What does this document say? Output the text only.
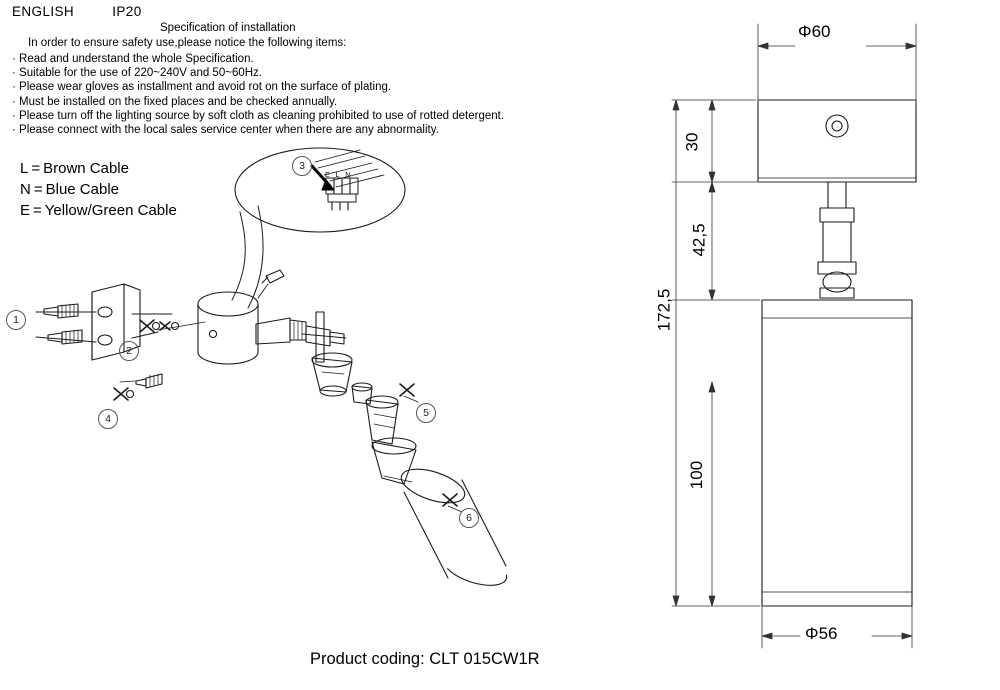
ENGLISH	IP20
Specification of installation
In order to ensure safety use,please notice the following items:
· Read and understand the whole Specification.
· Suitable for the use of 220~240V and 50~60Hz.
· Please wear gloves as installment and avoid rot on the surface of plating.
· Must be installed on the fixed places and be checked annually.
· Please turn off the lighting source by soft cloth as cleaning prohibited to use of rotted detergent.
· Please connect with the local sales service center when there are any abnormality.
L = Brown Cable
N = Blue Cable
E = Yellow/Green Cable
E L N
1
2
3
4	5
6
Φ60
Φ56
30
42,5
172,5
100
Product coding: CLT 015CW1R
